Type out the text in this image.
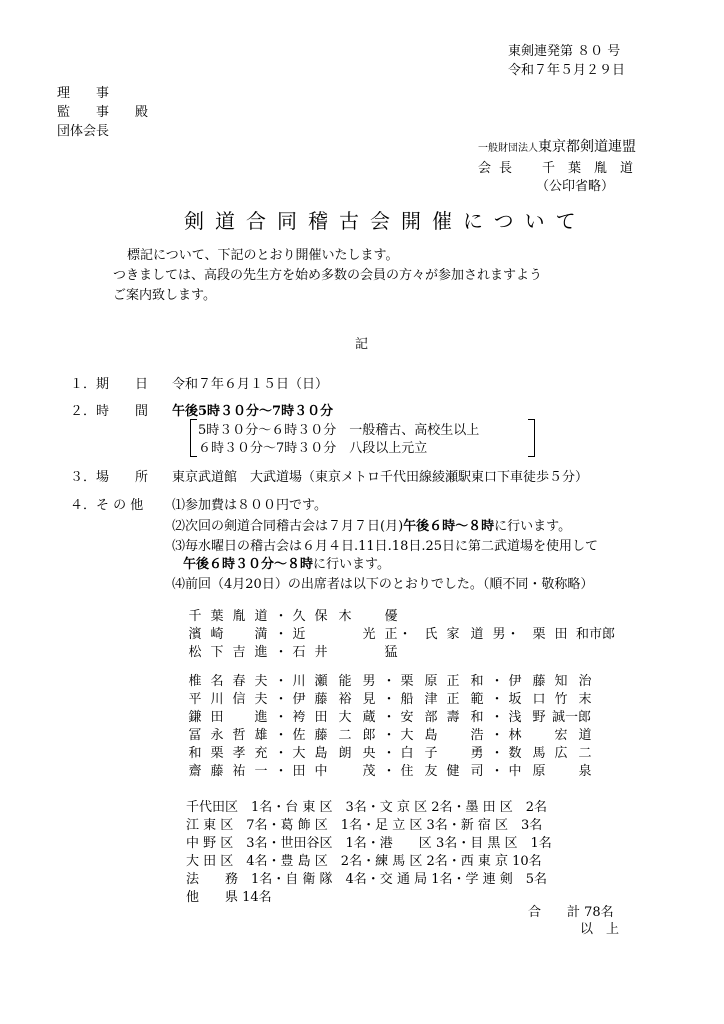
東剣連発第 ８０ 号
令和７年５月２９日
理　　事
監　　事　　殿
団体会長
一般財団法人東京都剣道連盟
会長 千　葉　胤　道
（公印省略）
剣道合同稽古会開催について
標記について、下記のとおり開催いたします。
つきましては、高段の先生方を始め多数の会員の方々が参加されますよう
ご案内致します。
記
１．期　　日 令和７年６月１５日（日）
２．時　　間 午後5時３０分～7時３０分
5時３０分～６時３０分　一般稽古、高校生以上
６時３０分～7時３０分　八段以上元立
３．場　　所 東京武道館　大武道場（東京メトロ千代田線綾瀬駅東口下車徒歩５分）
４．そ の 他 ⑴参加費は８００円です。
⑵次回の剣道合同稽古会は７月７日(月)午後６時～８時に行います。
⑶毎水曜日の稽古会は６月４日.11日.18日.25日に第二武道場を使用して
午後６時３０分～８時に行います。
⑷前回（4月20日）の出席者は以下のとおりでした。（順不同・敬称略）
千 葉 胤 道 ・ 久 保 木	優
濱 崎 満 ・ 近	光 正 ・ 氏 家 道 男 ・ 栗 田 和市郎
松 下 吉 進 ・ 石 井	猛
椎 名 春 夫 ・ 川 瀬 能 男 ・ 栗 原 正 和 ・ 伊 藤 知 治
平 川 信 夫 ・ 伊 藤 裕 見 ・ 船 津 正 範 ・ 坂 口 竹 末
鎌 田 進 ・ 袴 田 大 蔵 ・ 安 部 壽 和 ・ 浅 野 誠一郎
冨 永 哲 雄 ・ 佐 藤 二 郎 ・ 大 島	浩 ・ 林	宏 道
和 栗 孝 充 ・ 大 島 朗 央 ・ 白 子	勇 ・ 数 馬 広 二
齋 藤 祐 一 ・ 田 中	茂 ・ 住 友 健 司 ・ 中 原	泉
千代田区　1名・台 東 区　3名・文 京 区 2名・墨 田 区　2名
江 東 区　7名・葛 飾 区　1名・足 立 区 3名・新 宿 区　3名
中 野 区　3名・世田谷区　1名・港　　区 3名・目 黒 区　1名
大 田 区　4名・豊 島 区　2名・練 馬 区 2名・西 東 京 10名
法　　務　1名・自 衛 隊　4名・交 通 局 1名・学 連 剣　5名
他　　県 14名
合　　計 78名
以　上
